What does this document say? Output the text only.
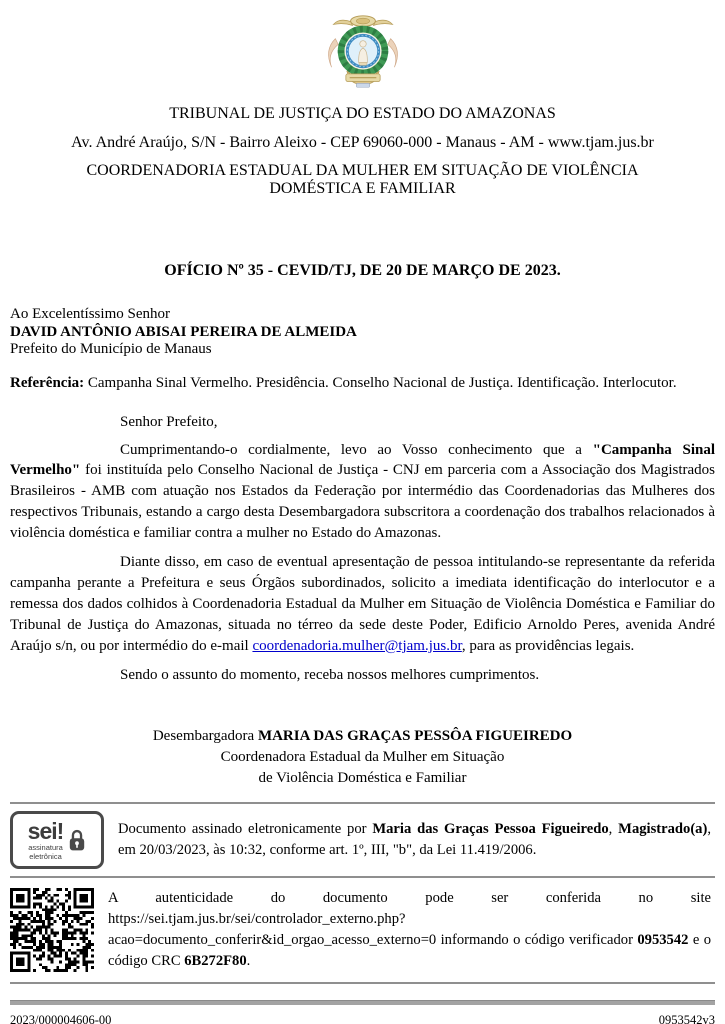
TRIBUNAL DE JUSTIÇA DO ESTADO DO AMAZONAS
Av. André Araújo, S/N - Bairro Aleixo - CEP 69060-000 - Manaus - AM - www.tjam.jus.br
COORDENADORIA ESTADUAL DA MULHER EM SITUAÇÃO DE VIOLÊNCIA DOMÉSTICA E FAMILIAR
OFÍCIO Nº 35 - CEVID/TJ, DE 20 DE MARÇO DE 2023.
Ao Excelentíssimo Senhor
DAVID ANTÔNIO ABISAI PEREIRA DE ALMEIDA
Prefeito do Município de Manaus

Referência: Campanha Sinal Vermelho. Presidência. Conselho Nacional de Justiça. Identificação. Interlocutor.

Senhor Prefeito,

Cumprimentando-o cordialmente, levo ao Vosso conhecimento que a "Campanha Sinal Vermelho" foi instituída pelo Conselho Nacional de Justiça - CNJ em parceria com a Associação dos Magistrados Brasileiros - AMB com atuação nos Estados da Federação por intermédio das Coordenadorias das Mulheres dos respectivos Tribunais, estando a cargo desta Desembargadora subscritora a coordenação dos trabalhos relacionados à violência doméstica e familiar contra a mulher no Estado do Amazonas.

Diante disso, em caso de eventual apresentação de pessoa intitulando-se representante da referida campanha perante a Prefeitura e seus Órgãos subordinados, solicito a imediata identificação do interlocutor e a remessa dos dados colhidos à Coordenadoria Estadual da Mulher em Situação de Violência Doméstica e Familiar do Tribunal de Justiça do Amazonas, situada no térreo da sede deste Poder, Edificio Arnoldo Peres, avenida André Araújo s/n, ou por intermédio do e-mail coordenadoria.mulher@tjam.jus.br, para as providências legais.

Sendo o assunto do momento, receba nossos melhores cumprimentos.

Desembargadora MARIA DAS GRAÇAS PESSÔA FIGUEIREDO
Coordenadora Estadual da Mulher em Situação
de Violência Doméstica e Familiar
sei!
assinatura
eletrônica

Documento assinado eletronicamente por Maria das Graças Pessoa Figueiredo, Magistrado(a), em 20/03/2023, às 10:32, conforme art. 1º, III, "b", da Lei 11.419/2006.

A autenticidade do documento pode ser conferida no site https://sei.tjam.jus.br/sei/controlador_externo.php?acao=documento_conferir&id_orgao_acesso_externo=0 informando o código verificador 0953542 e o código CRC 6B272F80.

2023/000004606-00	0953542v3
